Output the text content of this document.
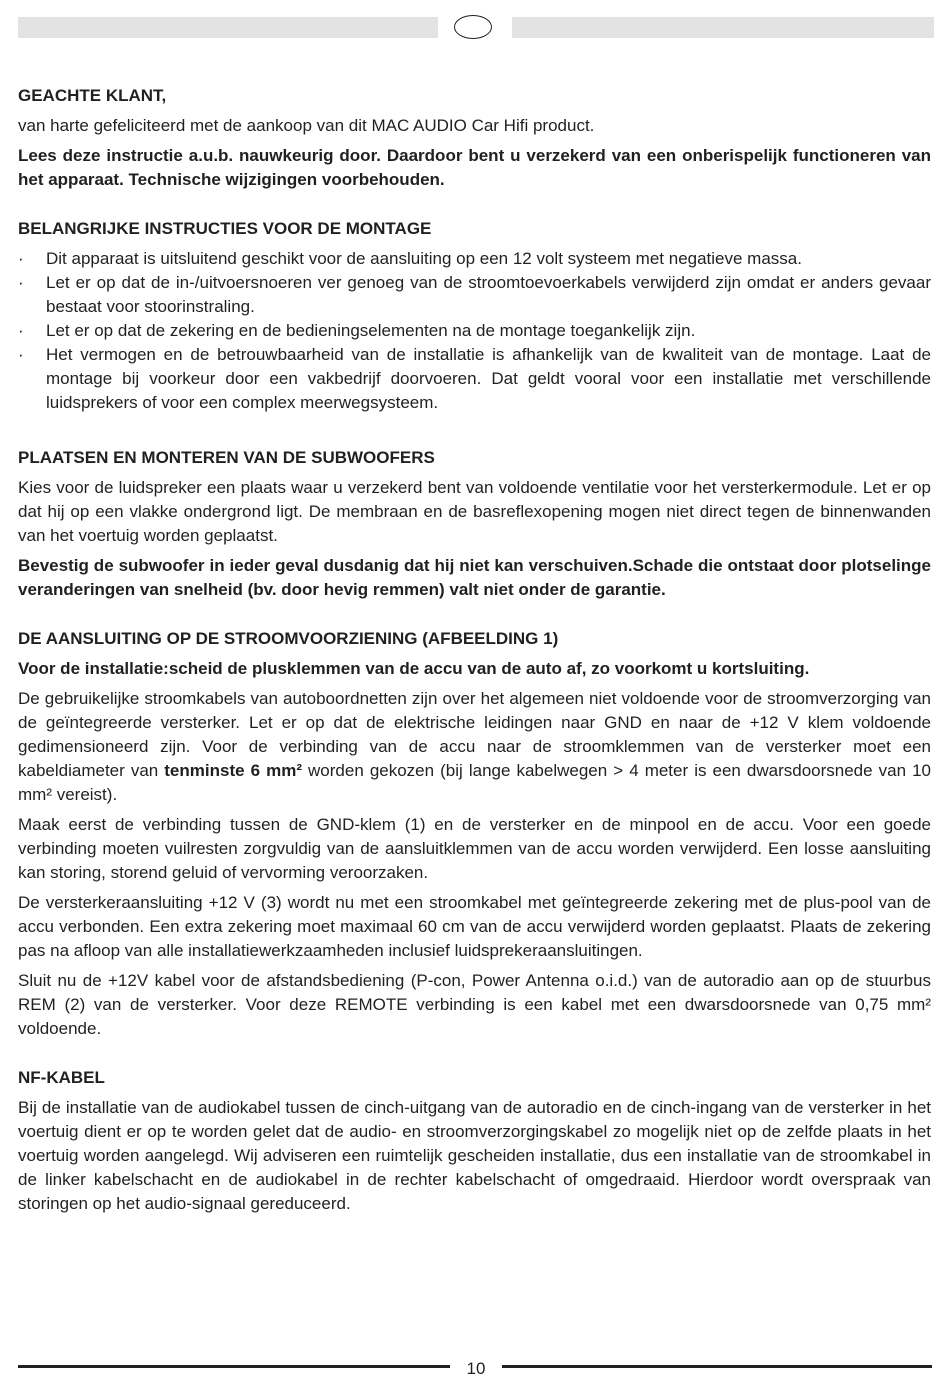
GEACHTE KLANT,

van harte gefeliciteerd met de aankoop van dit MAC AUDIO Car Hifi product.

Lees deze instructie a.u.b. nauwkeurig door. Daardoor bent u verzekerd van een onberispelijk functioneren van het apparaat. Technische wijzigingen voorbehouden.

BELANGRIJKE INSTRUCTIES VOOR DE MONTAGE

· Dit apparaat is uitsluitend geschikt voor de aansluiting op een 12 volt systeem met negatieve massa.
· Let er op dat de in-/uitvoersnoeren ver genoeg van de stroomtoevoerkabels verwijderd zijn omdat er anders gevaar bestaat voor stoorinstraling.
· Let er op dat de zekering en de bedieningselementen na de montage toegankelijk zijn.
· Het vermogen en de betrouwbaarheid van de installatie is afhankelijk van de kwaliteit van de montage. Laat de montage bij voorkeur door een vakbedrijf doorvoeren. Dat geldt vooral voor een installatie met verschillende luidsprekers of voor een complex meerwegsysteem.

PLAATSEN EN MONTEREN VAN DE SUBWOOFERS

Kies voor de luidspreker een plaats waar u verzekerd bent van voldoende ventilatie voor het versterkermodule. Let er op dat hij op een vlakke ondergrond ligt. De membraan en de basreflexopening mogen niet direct tegen de binnenwanden van het voertuig worden geplaatst.

Bevestig de subwoofer in ieder geval dusdanig dat hij niet kan verschuiven.Schade die ontstaat door plotselinge veranderingen van snelheid (bv. door hevig remmen) valt niet onder de garantie.

DE AANSLUITING OP DE STROOMVOORZIENING (AFBEELDING 1)

Voor de installatie:scheid de plusklemmen van de accu van de auto af, zo voorkomt u kortsluiting.

De gebruikelijke stroomkabels van autoboordnetten zijn over het algemeen niet voldoende voor de stroomverzorging van de geïntegreerde versterker. Let er op dat de elektrische leidingen naar GND en naar de +12 V klem voldoende gedimensioneerd zijn. Voor de verbinding van de accu naar de stroomklemmen van de versterker moet een kabeldiameter van tenminste 6 mm² worden gekozen (bij lange kabelwegen > 4 meter is een dwarsdoorsnede van 10 mm² vereist).

Maak eerst de verbinding tussen de GND-klem (1) en de versterker en de minpool en de accu. Voor een goede verbinding moeten vuilresten zorgvuldig van de aansluitklemmen van de accu worden verwijderd. Een losse aansluiting kan storing, storend geluid of vervorming veroorzaken.

De versterkeraansluiting +12 V (3) wordt nu met een stroomkabel met geïntegreerde zekering met de plus-pool van de accu verbonden. Een extra zekering moet maximaal 60 cm van de accu verwijderd worden geplaatst. Plaats de zekering pas na afloop van alle installatiewerkzaamheden inclusief luidsprekeraansluitingen.

Sluit nu de +12V kabel voor de afstandsbediening (P-con, Power Antenna o.i.d.) van de autoradio aan op de stuurbus REM (2) van de versterker. Voor deze REMOTE verbinding is een kabel met een dwarsdoorsnede van 0,75 mm² voldoende.

NF-KABEL

Bij de installatie van de audiokabel tussen de cinch-uitgang van de autoradio en de cinch-ingang van de versterker in het voertuig dient er op te worden gelet dat de audio- en stroomverzorgingskabel zo mogelijk niet op de zelfde plaats in het voertuig worden aangelegd. Wij adviseren een ruimtelijk gescheiden installatie, dus een installatie van de stroomkabel in de linker kabelschacht en de audiokabel in de rechter kabelschacht of omgedraaid. Hierdoor wordt overspraak van storingen op het audio-signaal gereduceerd.

10
